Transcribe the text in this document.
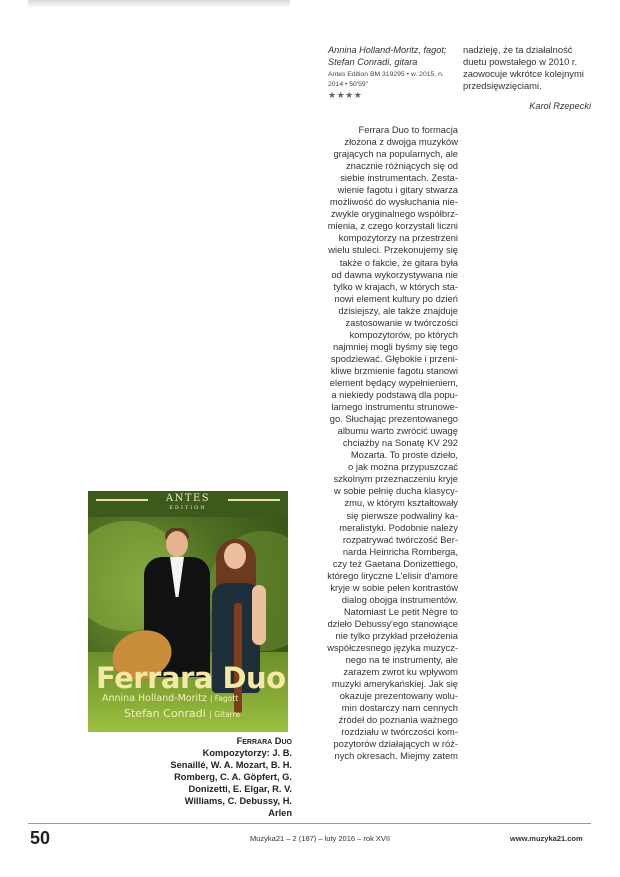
Annina Holland-Moritz, fagot;
Stefan Conradi, gitara
Antes Edition BM 319295 • w. 2015, n.
2014 • 50'59"
★★★★

Ferrara Duo to formacja

złożona z dwojga muzyków

grających na popularnych, ale

znacznie różniących się od

siebie instrumentach. Zesta-

wienie fagotu i gitary stwarza

możliwość do wysłuchania nie-

zwykle oryginalnego współbrz-

mienia, z czego korzystali liczni

kompozytorzy na przestrzeni

wielu stuleci. Przekonujemy się

także o fakcie, że gitara była

od dawna wykorzystywana nie

tylko w krajach, w których sta-

nowi element kultury po dzień

dzisiejszy, ale także znajduje

zastosowanie w twórczości

kompozytorów, po których

najmniej mogli byśmy się tego

spodziewać. Głębokie i przeni-

kliwe brzmienie fagotu stanowi

element będący wypełnieniem,

a niekiedy podstawą dla popu-

larnego instrumentu strunowe-

go. Słuchając prezentowanego

albumu warto zwrócić uwagę

chciażby na Sonatę KV 292

Mozarta. To proste dzieło,

o jak można przypuszczać

szkolnym przeznaczeniu kryje

w sobie pełnię ducha klasycy-

zmu, w którym kształtowały

się pierwsze podwaliny ka-

meralistyki. Podobnie należy

rozpatrywać twórczość Ber-

narda Heinricha Romberga,

czy też Gaetana Donizettiego,

którego liryczne L'elisir d'amore

kryje w sobie pełen kontrastów

dialog obojga instrumentów.

Natomiast Le petit Nègre to

dzieło Debussy'ego stanowiące

nie tylko przykład przełożenia

współczesnego języka muzycz-

nego na te instrumenty, ale

zarazem zwrot ku wpływom

muzyki amerykańskiej. Jak się

okazuje prezentowany wolu-

min dostarczy nam cennych

źródeł do poznania ważnego

rozdziału w twórczości kom-

pozytorów działających w róż-

nych okresach. Miejmy zatem

nadzieję, że ta działalność

duetu powstałego w 2010 r.

zaowocuje wkrótce kolejnymi

przedsięwzięciami.

Karol Rzepecki
ANTES
EDITION
Ferrara Duo
Annina Holland-Moritz | Fagott
Stefan Conradi | Gitarre
Ferrara Duo
Kompozytorzy: J. B. Senaillé, W. A. Mozart, B. H. Romberg, C. A. Göpfert, G. Donizetti, E. Elgar, R. V. Williams, C. Debussy, H. Arlen
50	Muzyka21 – 2 (187) – luty 2016 – rok XVII	www.muzyka21.com
